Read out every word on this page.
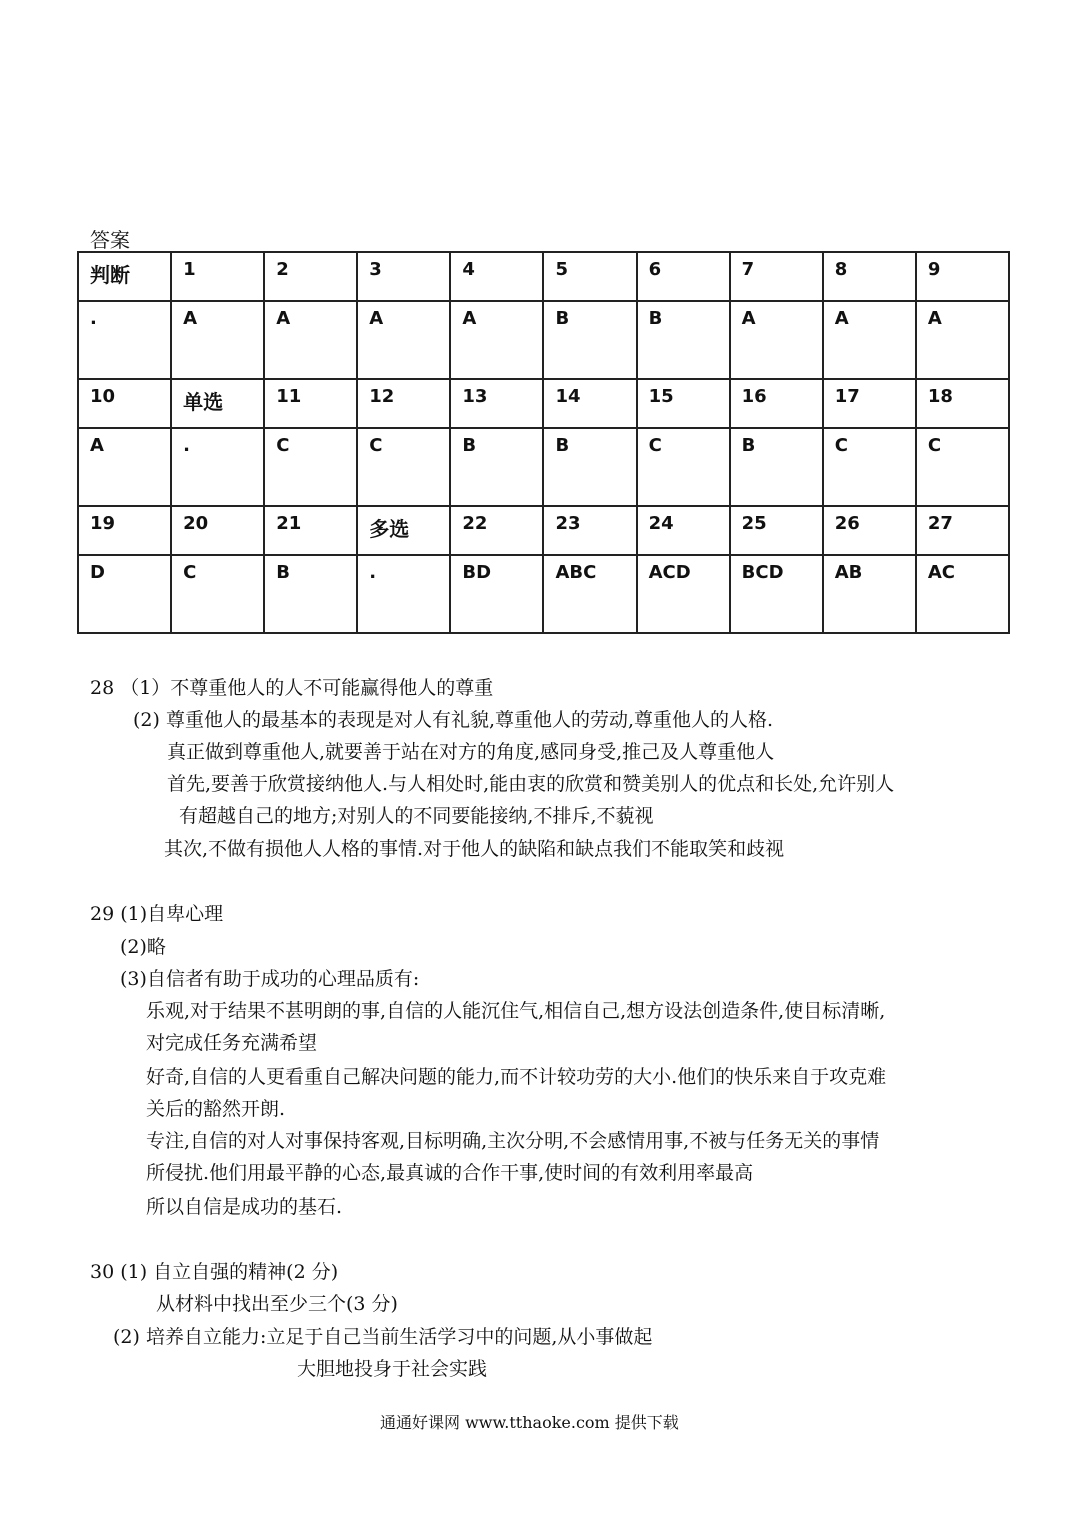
答案
判断	1	2	3	4	5	6	7	8	9
.	A	A	A	A	B	B	A	A	A
10	单选	11	12	13	14	15	16	17	18
A	.	C	C	B	B	C	B	C	C
19	20	21	多选	22	23	24	25	26	27
D	C	B	.	BD	ABC	ACD	BCD	AB	AC
28 （1）不尊重他人的人不可能赢得他人的尊重
(2) 尊重他人的最基本的表现是对人有礼貌,尊重他人的劳动,尊重他人的人格.
真正做到尊重他人,就要善于站在对方的角度,感同身受,推己及人尊重他人
首先,要善于欣赏接纳他人.与人相处时,能由衷的欣赏和赞美别人的优点和长处,允许别人
有超越自己的地方;对别人的不同要能接纳,不排斥,不藐视
其次,不做有损他人人格的事情.对于他人的缺陷和缺点我们不能取笑和歧视
29 (1)自卑心理
(2)略
(3)自信者有助于成功的心理品质有:
乐观,对于结果不甚明朗的事,自信的人能沉住气,相信自己,想方设法创造条件,使目标清晰,
对完成任务充满希望
好奇,自信的人更看重自己解决问题的能力,而不计较功劳的大小.他们的快乐来自于攻克难
关后的豁然开朗.
专注,自信的对人对事保持客观,目标明确,主次分明,不会感情用事,不被与任务无关的事情
所侵扰.他们用最平静的心态,最真诚的合作干事,使时间的有效利用率最高
所以自信是成功的基石.
30 (1) 自立自强的精神(2 分)
从材料中找出至少三个(3 分)
(2) 培养自立能力:立足于自己当前生活学习中的问题,从小事做起
大胆地投身于社会实践
通通好课网 www.tthaoke.com 提供下载
